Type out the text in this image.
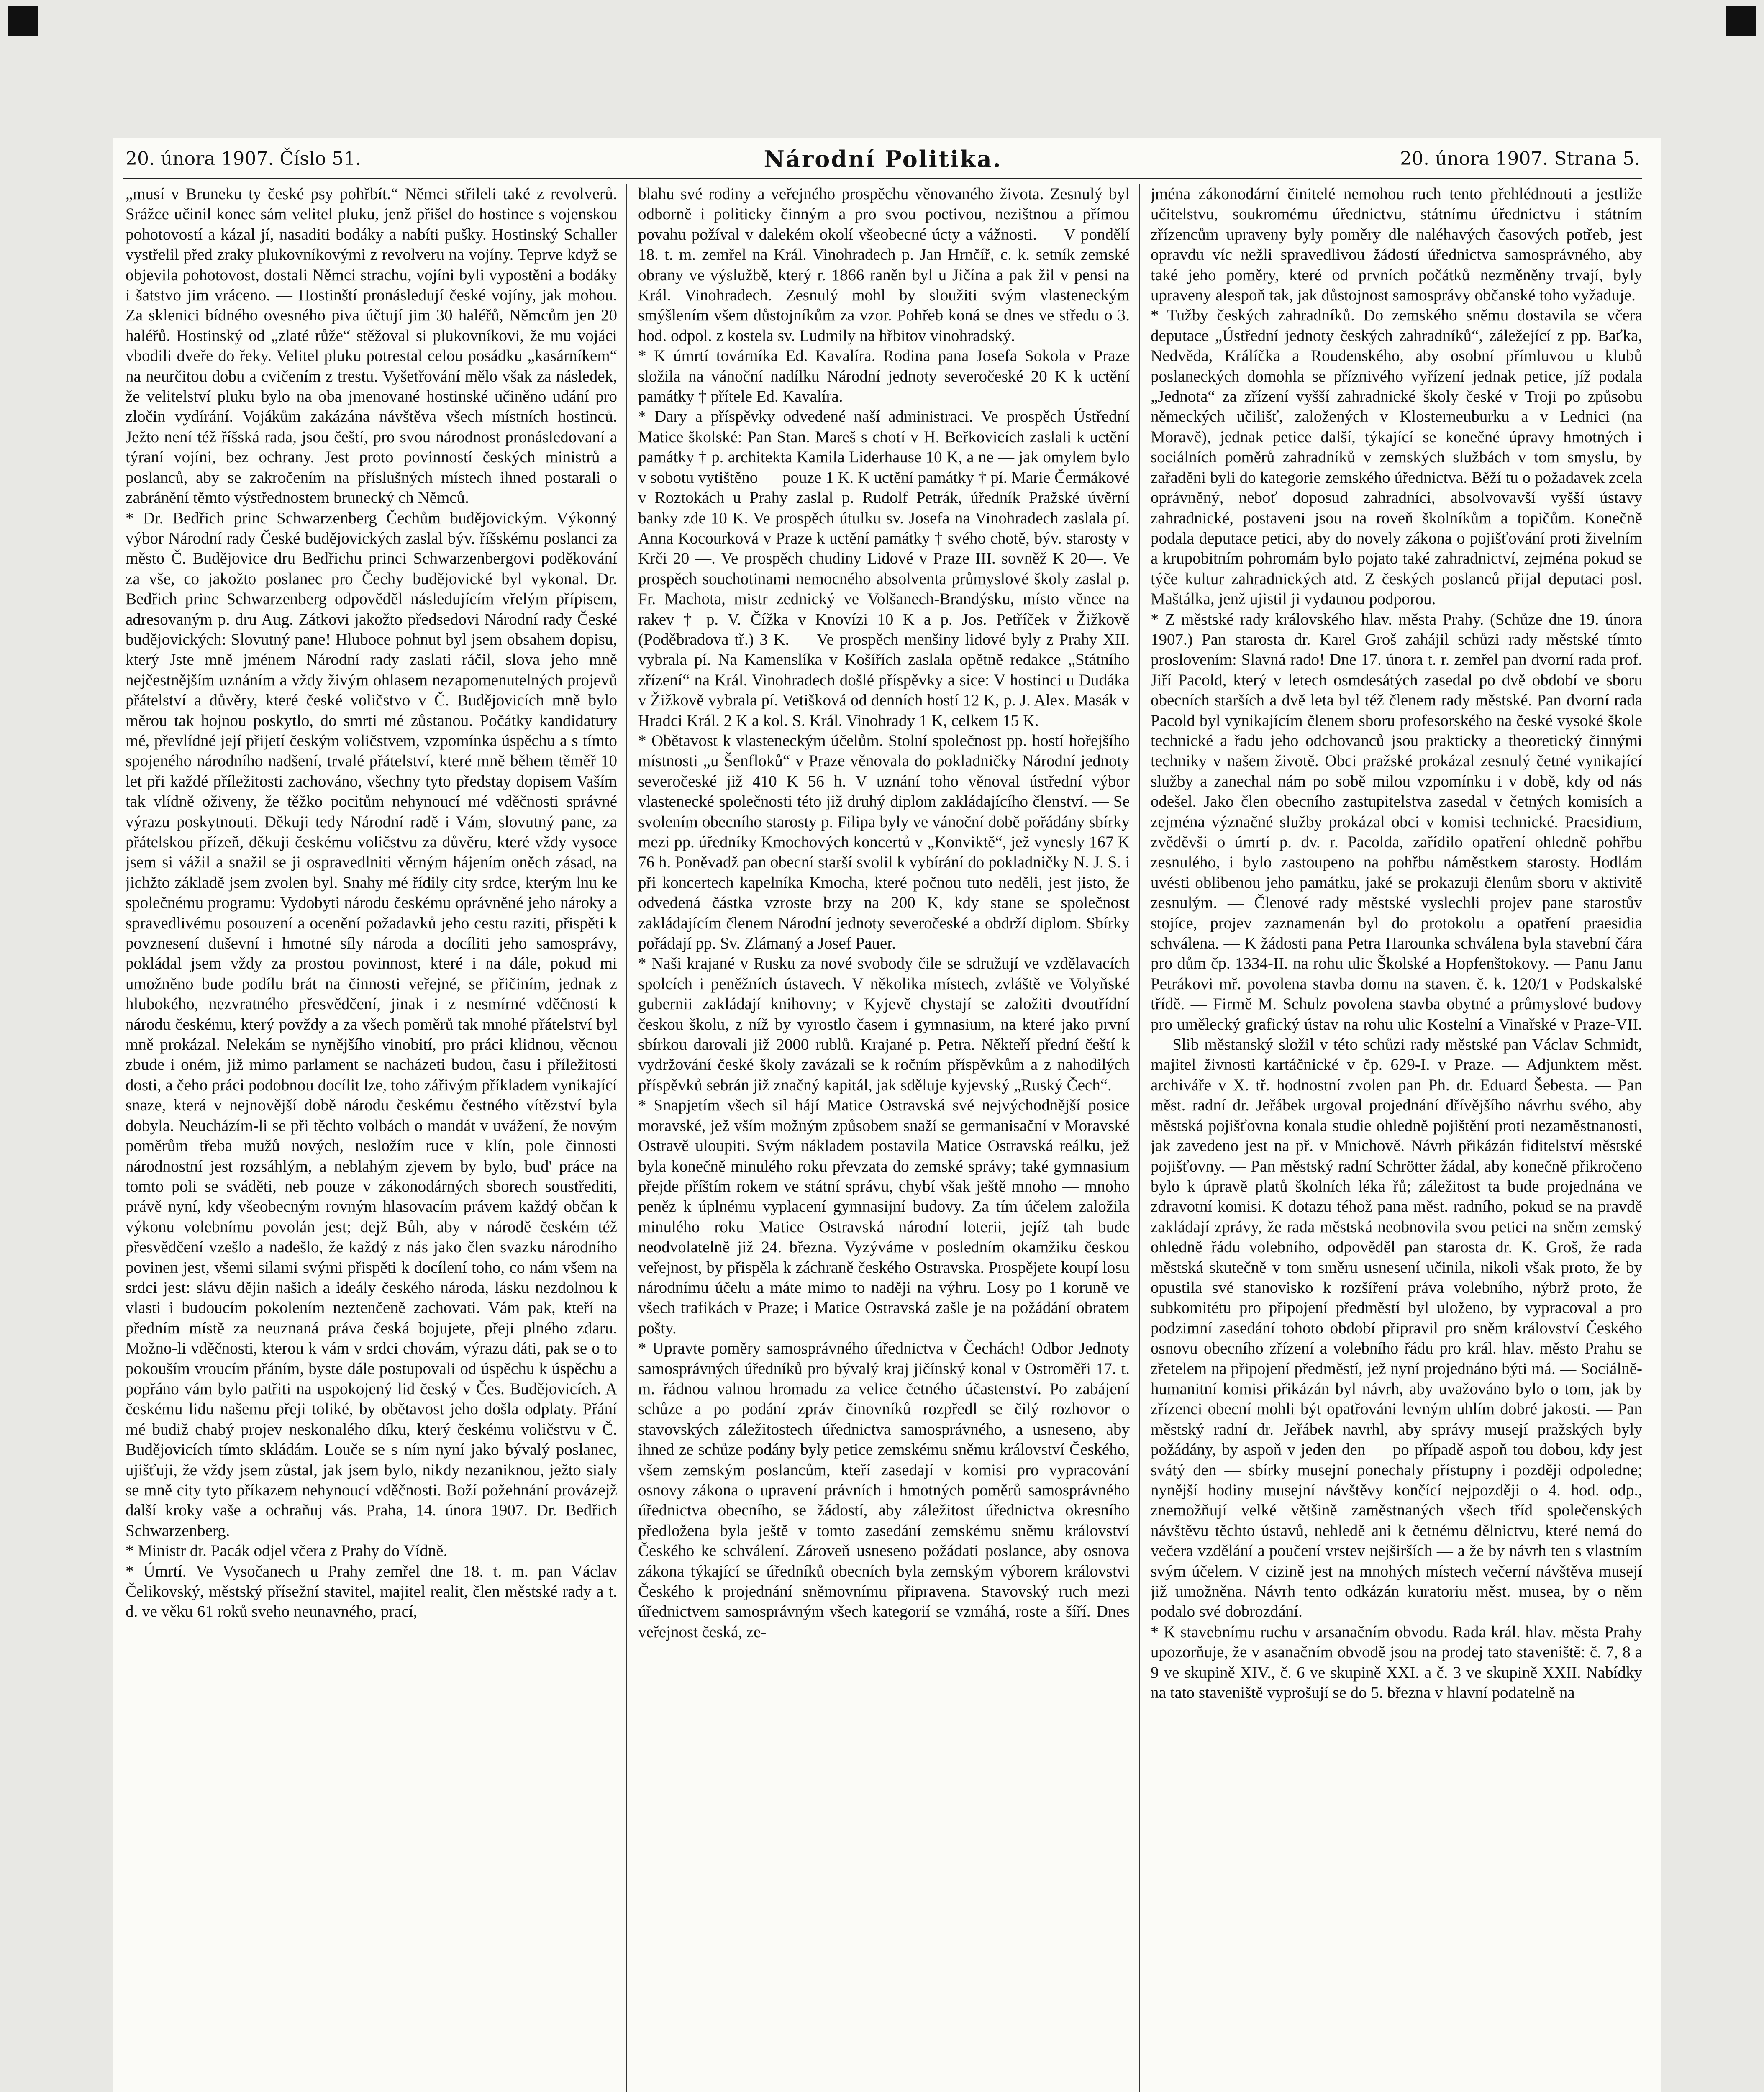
20. února 1907. Číslo 51.	Národní Politika.	20. února 1907. Strana 5.

„musí v Bruneku ty české psy pohřbít.“ Němci střileli také z revolverů. Srážce učinil konec sám velitel pluku, jenž přišel do hostince s vojenskou pohotovostí a kázal jí, nasaditi bodáky a nabíti pušky. Hostinský Schaller vystřelil před zraky plukovníkovými z revolveru na vojíny. Teprve když se objevila pohotovost, dostali Němci strachu, vojíni byli vypostěni a bodáky i šatstvo jim vráceno. — Hostinští pronásledují české vojíny, jak mohou. Za sklenici bídného ovesného piva účtují jim 30 haléřů, Němcům jen 20 haléřů. Hostinský od „zlaté růže“ stěžoval si plukovníkovi, že mu vojáci vbodili dveře do řeky. Velitel pluku potrestal celou posádku „kasárníkem“ na neurčitou dobu a cvičením z trestu. Vyšetřování mělo však za následek, že velitelství pluku bylo na oba jmenované hostinské učiněno udání pro zločin vydírání. Vojákům zakázána návštěva všech místních hostinců. Ježto není též říšská rada, jsou čeští, pro svou národnost pronásledovaní a týraní vojíni, bez ochrany. Jest proto povinností českých ministrů a poslanců, aby se zakročením na příslušných místech ihned postarali o zabránění těmto výstřednostem brunecký ch Němců.

* Dr. Bedřich princ Schwarzenberg Čechům budějovickým. Výkonný výbor Národní rady České budějovických zaslal býv. říšskému poslanci za město Č. Budějovice dru Bedřichu princi Schwarzenbergovi poděkování za vše, co jakožto poslanec pro Čechy budějovické byl vykonal. Dr. Bedřich princ Schwarzenberg odpověděl následujícím vřelým přípisem, adresovaným p. dru Aug. Zátkovi jakožto předsedovi Národní rady České budějovických: Slovutný pane! Hluboce pohnut byl jsem obsahem dopisu, který Jste mně jménem Národní rady zaslati ráčil, slova jeho mně nejčestnějším uznáním a vždy živým ohlasem nezapomenutelných projevů přátelství a důvěry, které české voličstvo v Č. Budějovicích mně bylo měrou tak hojnou poskytlo, do smrti mé zůstanou. Počátky kandidatury mé, převlídné její přijetí českým voličstvem, vzpomínka úspěchu a s tímto spojeného národního nadšení, trvalé přátelství, které mně během těměř 10 let při každé příležitosti zachováno, všechny tyto předstay dopisem Vaším tak vlídně oživeny, že těžko pocitům nehynoucí mé vděčnosti správné výrazu poskytnouti. Děkuji tedy Národní radě i Vám, slovutný pane, za přátelskou přízeň, děkuji českému voličstvu za důvěru, které vždy vysoce jsem si vážil a snažil se ji ospravedlniti věrným hájením oněch zásad, na jichžto základě jsem zvolen byl. Snahy mé řídily city srdce, kterým lnu ke společnému programu: Vydobyti národu českému oprávněné jeho nároky a spravedlivému posouzení a ocenění požadavků jeho cestu raziti, přispěti k povznesení duševní i hmotné síly národa a docíliti jeho samosprávy, pokládal jsem vždy za prostou povinnost, které i na dále, pokud mi umožněno bude podílu brát na činnosti veřejné, se přičiním, jednak z hlubokého, nezvratného přesvědčení, jinak i z nesmírné vděčnosti k národu českému, který povždy a za všech poměrů tak mnohé přátelství byl mně prokázal. Nelekám se nynějšího vinobití, pro práci klidnou, věcnou zbude i oném, již mimo parlament se nacházeti budou, času i příležitosti dosti, a čeho práci podobnou docílit lze, toho zářivým příkladem vynikající snaze, která v nejnovější době národu českému čestného vítězství byla dobyla. Neucházím-li se při těchto volbách o mandát v uvážení, že novým poměrům třeba mužů nových, nesložím ruce v klín, pole činnosti národnostní jest rozsáhlým, a neblahým zjevem by bylo, bud' práce na tomto poli se sváděti, neb pouze v zákonodárných sborech soustřediti, právě nyní, kdy všeobecným rovným hlasovacím právem každý občan k výkonu volebnímu povolán jest; dejž Bůh, aby v národě českém též přesvědčení vzešlo a nadešlo, že každý z nás jako člen svazku národního povinen jest, všemi silami svými přispěti k docílení toho, co nám všem na srdci jest: slávu dějin našich a ideály českého národa, lásku nezdolnou k vlasti i budoucím pokolením neztenčeně zachovati. Vám pak, kteří na předním místě za neuznaná práva česká bojujete, přeji plného zdaru. Možno-li vděčnosti, kterou k vám v srdci chovám, výrazu dáti, pak se o to pokouším vroucím přáním, byste dále postupovali od úspěchu k úspěchu a popřáno vám bylo patřiti na uspokojený lid český v Čes. Budějovicích. A českému lidu našemu přeji toliké, by obětavost jeho došla odplaty. Přání mé budiž chabý projev neskonalého díku, který českému voličstvu v Č. Budějovicích tímto skládám. Louče se s ním nyní jako bývalý poslanec, ujišťuji, že vždy jsem zůstal, jak jsem bylo, nikdy nezaniknou, ježto sialy se mně city tyto příkazem nehynoucí vděčnosti. Boží požehnání provázejž další kroky vaše a ochraňuj vás. Praha, 14. února 1907. Dr. Bedřich Schwarzenberg.

* Ministr dr. Pacák odjel včera z Prahy do Vídně.

* Úmrtí. Ve Vysočanech u Prahy zemřel dne 18. t. m. pan Václav Čelikovský, městský přísežní stavitel, majitel realit, člen městské rady a t. d. ve věku 61 roků sveho neunavného, prací,

blahu své rodiny a veřejného prospěchu věnovaného života. Zesnulý byl odborně i politicky činným a pro svou poctivou, nezištnou a přímou povahu požíval v dalekém okolí všeobecné úcty a vážnosti. — V pondělí 18. t. m. zemřel na Král. Vinohradech p. Jan Hrnčíř, c. k. setník zemské obrany ve výslužbě, který r. 1866 raněn byl u Jičína a pak žil v pensi na Král. Vinohradech. Zesnulý mohl by sloužiti svým vlasteneckým smýšlením všem důstojníkům za vzor. Pohřeb koná se dnes ve středu o 3. hod. odpol. z kostela sv. Ludmily na hřbitov vinohradský.

* K úmrtí továrníka Ed. Kavalíra. Rodina pana Josefa Sokola v Praze složila na vánoční nadílku Národní jednoty severočeské 20 K k uctění památky † přítele Ed. Kavalíra.

* Dary a příspěvky odvedené naší administraci. Ve prospěch Ústřední Matice školské: Pan Stan. Mareš s chotí v H. Beřkovicích zaslali k uctění památky † p. architekta Kamila Liderhause 10 K, a ne — jak omylem bylo v sobotu vytištěno — pouze 1 K. K uctění památky † pí. Marie Čermákové v Roztokách u Prahy zaslal p. Rudolf Petrák, úředník Pražské úvěrní banky zde 10 K. Ve prospěch útulku sv. Josefa na Vinohradech zaslala pí. Anna Kocourková v Praze k uctění památky † svého chotě, býv. starosty v Krči 20 —. Ve prospěch chudiny Lidové v Praze III. sovněž K 20—. Ve prospěch souchotinami nemocného absolventa průmyslové školy zaslal p. Fr. Machota, mistr zednický ve Volšanech-Brandýsku, místo věnce na rakev † p. V. Čížka v Knovízi 10 K a p. Jos. Petříček v Žižkově (Poděbradova tř.) 3 K. — Ve prospěch menšiny lidové byly z Prahy XII. vybrala pí. Na Kamenslíka v Košířích zaslala opětně redakce „Státního zřízení“ na Král. Vinohradech došlé příspěvky a sice: V hostinci u Dudáka v Žižkově vybrala pí. Vetišková od denních hostí 12 K, p. J. Alex. Masák v Hradci Král. 2 K a kol. S. Král. Vinohrady 1 K, celkem 15 K.

* Obětavost k vlasteneckým účelům. Stolní společnost pp. hostí hořejšího místnosti „u Šenfloků“ v Praze věnovala do pokladničky Národní jednoty severočeské již 410 K 56 h. V uznání toho věnoval ústřední výbor vlastenecké společnosti této již druhý diplom zakládajícího členství. — Se svolením obecního starosty p. Filipa byly ve vánoční době pořádány sbírky mezi pp. úředníky Kmochových koncertů v „Konviktě“, jež vynesly 167 K 76 h. Poněvadž pan obecní starší svolil k vybírání do pokladničky N. J. S. i při koncertech kapelníka Kmocha, které počnou tuto neděli, jest jisto, že odvedená částka vzroste brzy na 200 K, kdy stane se společnost zakládajícím členem Národní jednoty severočeské a obdrží diplom. Sbírky pořádají pp. Sv. Zlámaný a Josef Pauer.

* Naši krajané v Rusku za nové svobody čile se sdružují ve vzdělavacích spolcích i peněžních ústavech. V několika místech, zvláště ve Volyňské gubernii zakládají knihovny; v Kyjevě chystají se založiti dvoutřídní českou školu, z níž by vyrostlo časem i gymnasium, na které jako první sbírkou darovali již 2000 rublů. Krajané p. Petra. Někteří přední čeští k vydržování české školy zavázali se k ročním příspěvkům a z nahodilých příspěvků sebrán již značný kapitál, jak sděluje kyjevský „Ruský Čech“.

* Snapjetím všech sil hájí Matice Ostravská své nejvýchodnější posice moravské, jež vším možným způsobem snaží se germanisační v Moravské Ostravě uloupiti. Svým nákladem postavila Matice Ostravská reálku, jež byla konečně minulého roku převzata do zemské správy; také gymnasium přejde příštím rokem ve státní správu, chybí však ještě mnoho — mnoho peněz k úplnému vyplacení gymnasijní budovy. Za tím účelem založila minulého roku Matice Ostravská národní loterii, jejíž tah bude neodvolatelně již 24. března. Vyzýváme v posledním okamžiku českou veřejnost, by přispěla k záchraně českého Ostravska. Prospějete koupí losu národnímu účelu a máte mimo to naději na výhru. Losy po 1 koruně ve všech trafikách v Praze; i Matice Ostravská zašle je na požádání obratem pošty.

* Upravte poměry samosprávného úřednictva v Čechách! Odbor Jednoty samosprávných úředníků pro bývalý kraj jičínský konal v Ostroměři 17. t. m. řádnou valnou hromadu za velice četného účastenství. Po zabájení schůze a po podání zpráv činovníků rozpředl se čilý rozhovor o stavovských záležitostech úřednictva samosprávného, a usneseno, aby ihned ze schůze podány byly petice zemskému sněmu království Českého, všem zemským poslancům, kteří zasedají v komisi pro vypracování osnovy zákona o upravení právních i hmotných poměrů samosprávného úřednictva obecního, se žádostí, aby záležitost úřednictva okresního předložena byla ještě v tomto zasedání zemskému sněmu království Českého ke schválení. Zároveň usneseno požádati poslance, aby osnova zákona týkající se úředníků obecních byla zemským výborem královstvi Českého k projednání sněmovnímu připravena. Stavovský ruch mezi úřednictvem samosprávným všech kategorií se vzmáhá, roste a šíří. Dnes veřejnost česká, ze-

jména zákonodární činitelé nemohou ruch tento přehlédnouti a jestliže učitelstvu, soukromému úřednictvu, státnímu úřednictvu i státním zřízencům upraveny byly poměry dle naléhavých časových potřeb, jest opravdu víc nežli spravedlivou žádostí úřednictva samosprávného, aby také jeho poměry, které od prvních počátků nezměněny trvají, byly upraveny alespoň tak, jak důstojnost samosprávy občanské toho vyžaduje.

* Tužby českých zahradníků. Do zemského sněmu dostavila se včera deputace „Ústřední jednoty českých zahradníků“, záležející z pp. Baťka, Nedvěda, Králíčka a Roudenského, aby osobní přímluvou u klubů poslaneckých domohla se příznivého vyřízení jednak petice, jíž podala „Jednota“ za zřízení vyšší zahradnické školy české v Troji po způsobu německých učilišť, založených v Klosterneuburku a v Lednici (na Moravě), jednak petice další, týkající se konečné úpravy hmotných i sociálních poměrů zahradníků v zemských službách v tom smyslu, by zařaděni byli do kategorie zemského úřednictva. Běží tu o požadavek zcela oprávněný, neboť doposud zahradníci, absolvovavší vyšší ústavy zahradnické, postaveni jsou na roveň školníkům a topičům. Konečně podala deputace petici, aby do novely zákona o pojišťování proti živelním a krupobitním pohromám bylo pojato také zahradnictví, zejména pokud se týče kultur zahradnických atd. Z českých poslanců přijal deputaci posl. Maštálka, jenž ujistil ji vydatnou podporou.

* Z městské rady královského hlav. města Prahy. (Schůze dne 19. února 1907.) Pan starosta dr. Karel Groš zahájil schůzi rady městské tímto proslovením: Slavná rado! Dne 17. února t. r. zemřel pan dvorní rada prof. Jiří Pacold, který v letech osmdesátých zasedal po dvě období ve sboru obecních starších a dvě leta byl též členem rady městské. Pan dvorní rada Pacold byl vynikajícím členem sboru profesorského na české vysoké škole technické a řadu jeho odchovanců jsou prakticky a theoretický činnými techniky v našem životě. Obci pražské prokázal zesnulý četné vynikající služby a zanechal nám po sobě milou vzpomínku i v době, kdy od nás odešel. Jako člen obecního zastupitelstva zasedal v četných komisích a zejména význačné služby prokázal obci v komisi technické. Praesidium, zvěděvši o úmrtí p. dv. r. Pacolda, zařídilo opatření ohledně pohřbu zesnulého, i bylo zastoupeno na pohřbu náměstkem starosty. Hodlám uvésti oblibenou jeho památku, jaké se prokazuji členům sboru v aktivitě zesnulým. — Členové rady městské vyslechli projev pane starostův stojíce, projev zaznamenán byl do protokolu a opatření praesidia schválena. — K žádosti pana Petra Harounka schválena byla stavební čára pro dům čp. 1334-II. na rohu ulic Školské a Hopfenštokovy. — Panu Janu Petrákovi mř. povolena stavba domu na staven. č. k. 120/1 v Podskalské třídě. — Firmě M. Schulz povolena stavba obytné a průmyslové budovy pro umělecký grafický ústav na rohu ulic Kostelní a Vinařské v Praze-VII. — Slib městanský složil v této schůzi rady městské pan Václav Schmidt, majitel živnosti kartáčnické v čp. 629-I. v Praze. — Adjunktem měst. archiváře v X. tř. hodnostní zvolen pan Ph. dr. Eduard Šebesta. — Pan měst. radní dr. Jeřábek urgoval projednání dřívějšího návrhu svého, aby městská pojišťovna konala studie ohledně pojištění proti nezaměstnanosti, jak zavedeno jest na př. v Mnichově. Návrh přikázán fiditelství městské pojišťovny. — Pan městský radní Schrötter žádal, aby konečně přikročeno bylo k úpravě platů školních léka řů; záležitost ta bude projednána ve zdravotní komisi. K dotazu téhož pana měst. radního, pokud se na pravdě zakládají zprávy, že rada městská neobnovila svou petici na sněm zemský ohledně řádu volebního, odpověděl pan starosta dr. K. Groš, že rada městská skutečně v tom směru usnesení učinila, nikoli však proto, že by opustila své stanovisko k rozšíření práva volebního, nýbrž proto, že subkomitétu pro připojení předměstí byl uloženo, by vypracoval a pro podzimní zasedání tohoto období připravil pro sněm království Českého osnovu obecního zřízení a volebního řádu pro král. hlav. město Prahu se zřetelem na připojení předměstí, jež nyní projednáno býti má. — Sociálně-humanitní komisi přikázán byl návrh, aby uvažováno bylo o tom, jak by zřízenci obecní mohli být opatřováni levným uhlím dobré jakosti. — Pan městský radní dr. Jeřábek navrhl, aby správy musejí pražských byly požádány, by aspoň v jeden den — po případě aspoň tou dobou, kdy jest svátý den — sbírky musejní ponechaly přístupny i později odpoledne; nynější hodiny musejní návštěvy končící nejpozději o 4. hod. odp., znemožňují velké většině zaměstnaných všech tříd společenských návštěvu těchto ústavů, nehledě ani k četnému dělnictvu, které nemá do večera vzdělání a poučení vrstev nejširších — a že by návrh ten s vlastním svým účelem. V cizině jest na mnohých místech večerní návštěva musejí již umožněna. Návrh tento odkázán kuratoriu měst. musea, by o něm podalo své dobrozdání.

* K stavebnímu ruchu v arsanačním obvodu. Rada král. hlav. města Prahy upozorňuje, že v asanačním obvodě jsou na prodej tato staveniště: č. 7, 8 a 9 ve skupině XIV., č. 6 ve skupině XXI. a č. 3 ve skupině XXII. Nabídky na tato staveniště vyprošují se do 5. března v hlavní podatelně na
